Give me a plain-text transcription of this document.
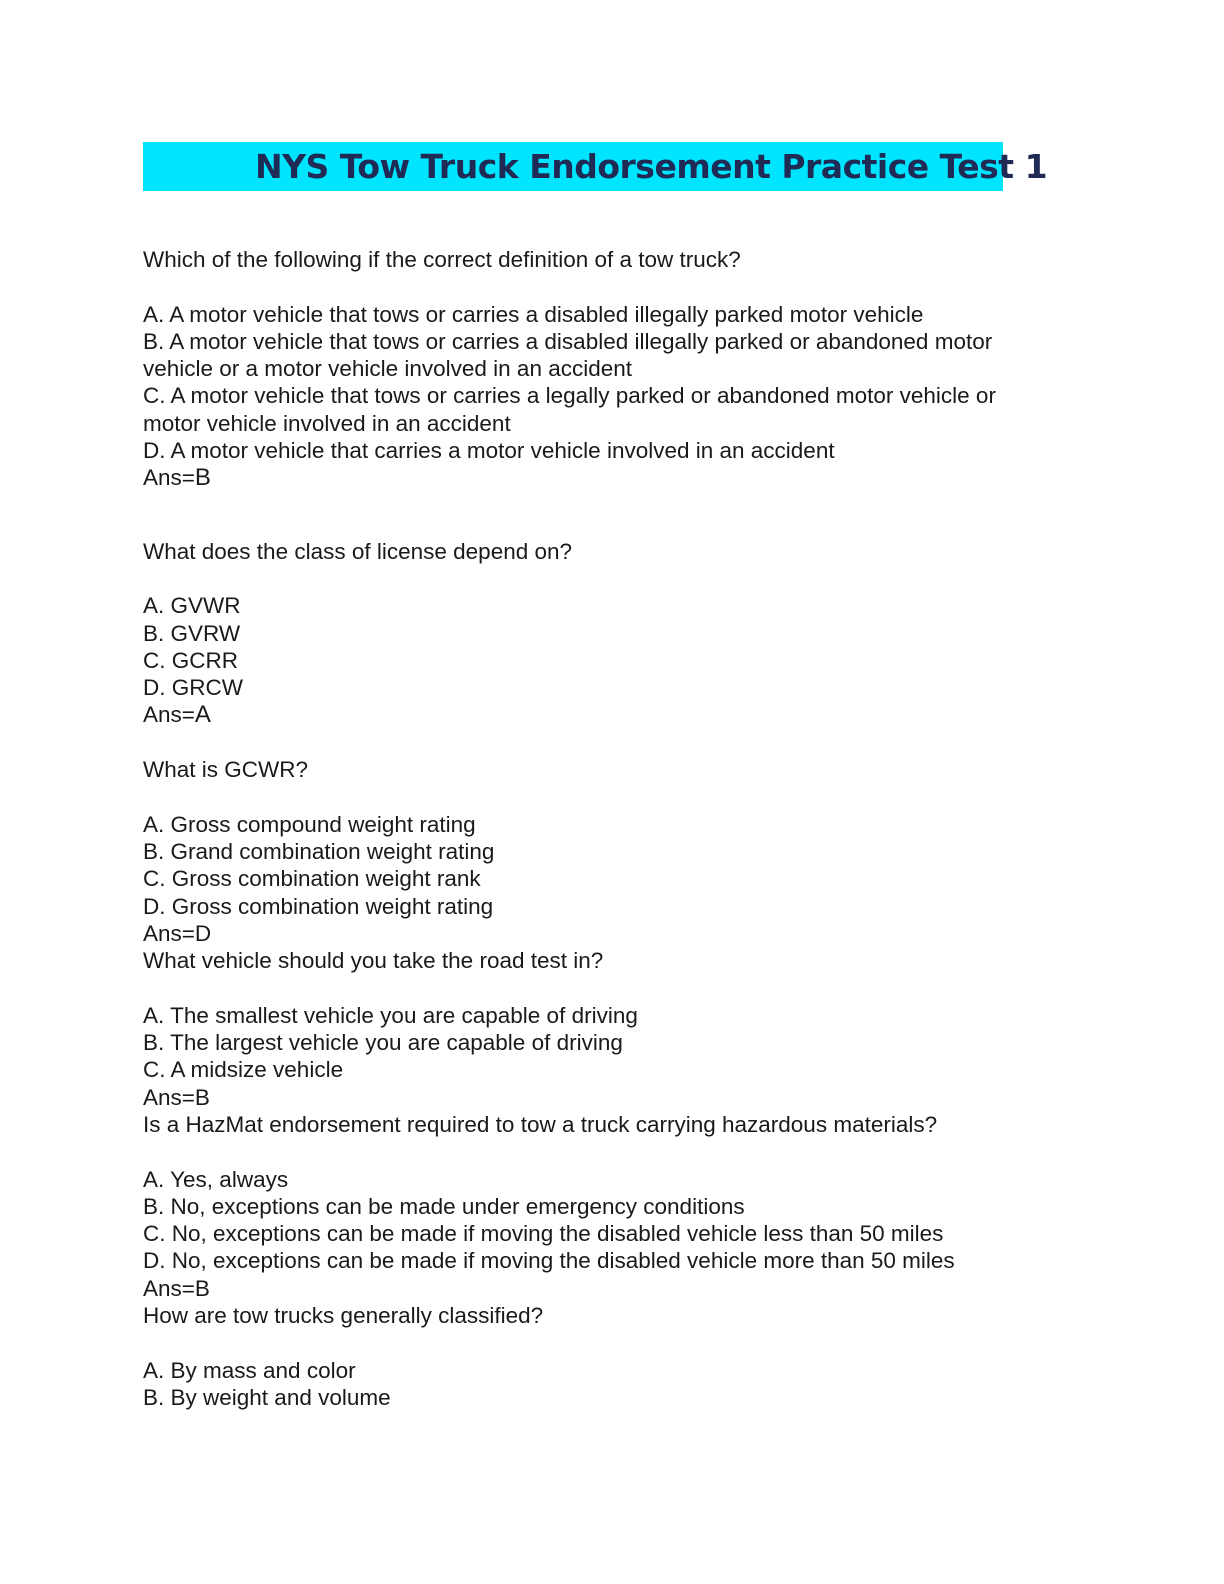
NYS Tow Truck Endorsement Practice Test 1
Which of the following if the correct definition of a tow truck?
A. A motor vehicle that tows or carries a disabled illegally parked motor vehicle
B. A motor vehicle that tows or carries a disabled illegally parked or abandoned motor
vehicle or a motor vehicle involved in an accident
C. A motor vehicle that tows or carries a legally parked or abandoned motor vehicle or
motor vehicle involved in an accident
D. A motor vehicle that carries a motor vehicle involved in an accident
Ans=B
What does the class of license depend on?
A. GVWR
B. GVRW
C. GCRR
D. GRCW
Ans=A
What is GCWR?
A. Gross compound weight rating
B. Grand combination weight rating
C. Gross combination weight rank
D. Gross combination weight rating
Ans=D
What vehicle should you take the road test in?
A. The smallest vehicle you are capable of driving
B. The largest vehicle you are capable of driving
C. A midsize vehicle
Ans=B
Is a HazMat endorsement required to tow a truck carrying hazardous materials?
A. Yes, always
B. No, exceptions can be made under emergency conditions
C. No, exceptions can be made if moving the disabled vehicle less than 50 miles
D. No, exceptions can be made if moving the disabled vehicle more than 50 miles
Ans=B
How are tow trucks generally classified?
A. By mass and color
B. By weight and volume
